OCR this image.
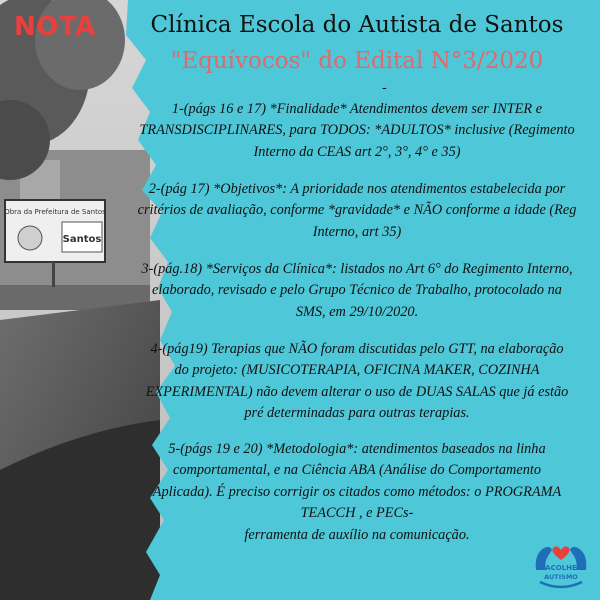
Obra da Prefeitura de Santos
Santos
NOTA	Clínica Escola do Autista de Santos
"Equívocos" do Edital N°3/2020
-
1-(págs 16 e 17) *Finalidade* Atendimentos devem ser INTER e
TRANSDISCIPLINARES, para TODOS: *ADULTOS* inclusive (Regimento
Interno da CEAS art 2°, 3°, 4° e 35)
2-(pág 17) *Objetivos*: A prioridade nos atendimentos estabelecida por
critérios de avaliação, conforme *gravidade* e NÃO conforme a idade (Reg
Interno, art 35)
3-(pág.18) *Serviços da Clínica*: listados no Art 6° do Regimento Interno,
elaborado, revisado e pelo Grupo Técnico de Trabalho, protocolado na
SMS, em 29/10/2020.
4-(pág19) Terapias que NÃO foram discutidas pelo GTT, na elaboração
do projeto: (MUSICOTERAPIA, OFICINA MAKER, COZINHA
EXPERIMENTAL) não devem alterar o uso de DUAS SALAS que já estão
pré determinadas para outras terapias.
5-(págs 19 e 20) *Metodologia*: atendimentos baseados na linha
comportamental, e na Ciência ABA (Análise do Comportamento
Aplicada). É preciso corrigir os citados como métodos: o PROGRAMA
TEACCH , e PECs-
ferramenta de auxílio na comunicação.
ACOLHE
AUTISMO
